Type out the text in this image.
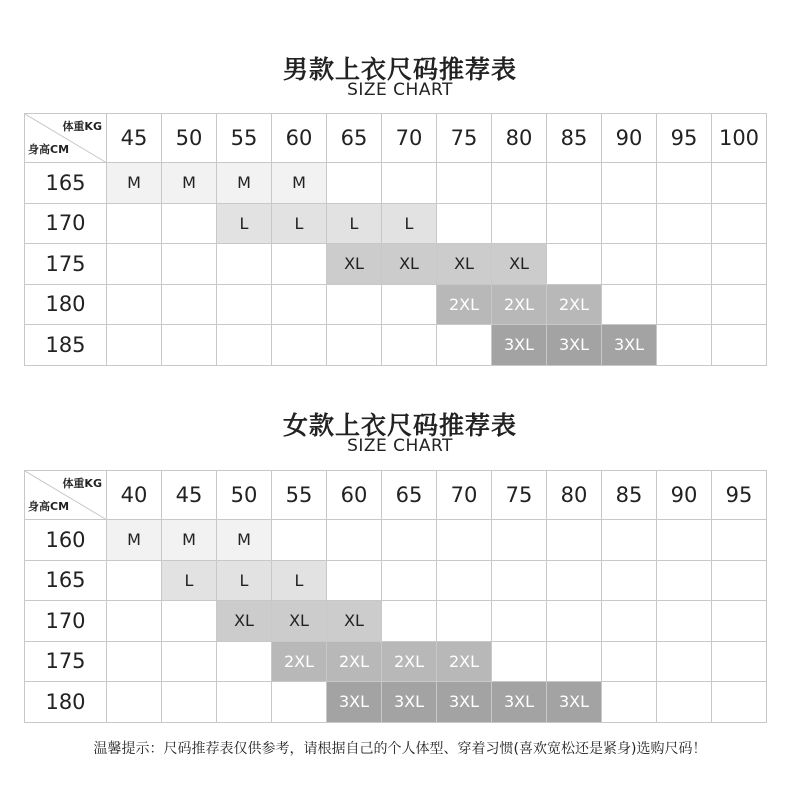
男款上衣尺码推荐表
SIZE CHART
体重KG
身高CM	45	50	55	60	65	70	75	80	85	90	95	100
165	M	M	M	M								
170			L	L	L	L						
175					XL	XL	XL	XL				
180							2XL	2XL	2XL			
185								3XL	3XL	3XL		
女款上衣尺码推荐表
SIZE CHART
体重KG
身高CM	40	45	50	55	60	65	70	75	80	85	90	95
160	M	M	M									
165		L	L	L								
170			XL	XL	XL							
175				2XL	2XL	2XL	2XL					
180					3XL	3XL	3XL	3XL	3XL			
温馨提示：尺码推荐表仅供参考，请根据自己的个人体型、穿着习惯(喜欢宽松还是紧身)选购尺码！
